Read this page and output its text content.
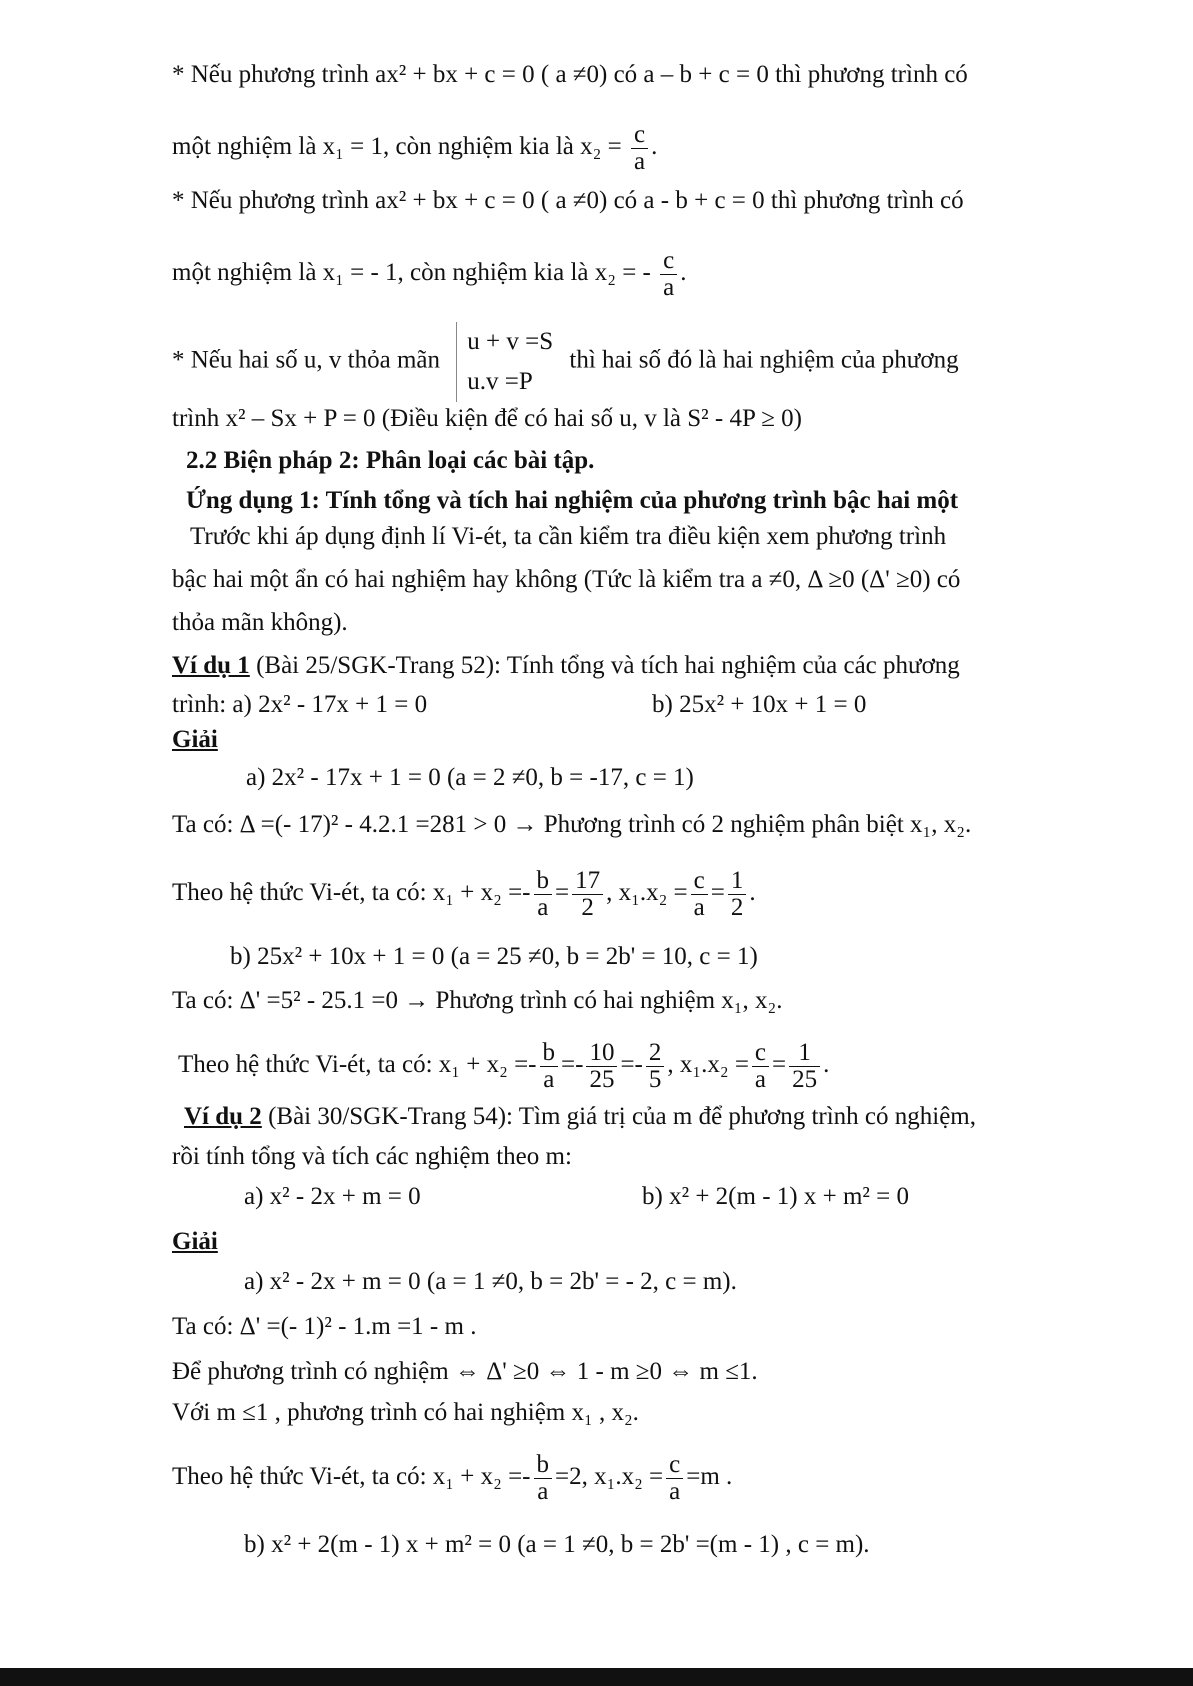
* Nếu phương trình ax² + bx + c = 0 ( a ≠0) có a – b + c = 0 thì phương trình có
một nghiệm là x₁ = 1, còn nghiệm kia là $x_2 = \frac{c}{a}$ .
* Nếu phương trình ax² + bx + c = 0 ( a ≠0) có a - b + c = 0 thì phương trình có
một nghiệm là x₁ = - 1, còn nghiệm kia là x₂ = - $\frac{c}{a}$ .
* Nếu hai số u, v thỏa mãn
u + v =S
u.v =P
thì hai số đó là hai nghiệm của phương
trình x² – Sx + P = 0 (Điều kiện để có hai số u, v là S² - 4P ≥ 0)
2.2 Biện pháp 2: Phân loại các bài tập.
Ứng dụng 1: Tính tổng và tích hai nghiệm của phương trình bậc hai một
Trước khi áp dụng định lí Vi-ét, ta cần kiểm tra điều kiện xem phương trình
bậc hai một ẩn có hai nghiệm hay không (Tức là kiểm tra a ≠0, Δ ≥0 (Δ' ≥0) có
thỏa mãn không).
Ví dụ 1 (Bài 25/SGK-Trang 52): Tính tổng và tích hai nghiệm của các phương
trình: a) 2x² - 17x + 1 = 0	b) 25x² + 10x + 1 = 0
Giải
a) 2x² - 17x + 1 = 0 (a = 2 ≠0, b = -17, c = 1)
Ta có: Δ =(- 17)² - 4.2.1 =281 > 0 → Phương trình có 2 nghiệm phân biệt x₁, x₂.
Theo hệ thức Vi-ét, ta có: $x_1 + x_2 =- \frac{b}{a} = \frac{17}{2}$ , $x_1.x_2 = \frac{c}{a} = \frac{1}{2}$ .
b) 25x² + 10x + 1 = 0 (a = 25 ≠0, b = 2b' = 10, c = 1)
Ta có: Δ' =5² - 25.1 =0 → Phương trình có hai nghiệm x₁, x₂.
Theo hệ thức Vi-ét, ta có: $x_1 + x_2 =- \frac{b}{a} =- \frac{10}{25} =- \frac{2}{5}$ , $x_1.x_2 = \frac{c}{a} = \frac{1}{25}$ .
Ví dụ 2 (Bài 30/SGK-Trang 54): Tìm giá trị của m để phương trình có nghiệm,
rồi tính tổng và tích các nghiệm theo m:
a) x² - 2x + m = 0	b) x² + 2(m - 1) x + m² = 0
Giải
a) x² - 2x + m = 0 (a = 1 ≠0, b = 2b' = - 2, c = m).
Ta có: Δ' =(- 1)² - 1.m =1 - m .
Để phương trình có nghiệm ⇔ Δ' ≥0 ⇔ 1 - m ≥0 ⇔ m ≤1.
Với m ≤1 , phương trình có hai nghiệm x₁ , x₂.
Theo hệ thức Vi-ét, ta có: $x_1 + x_2 =- \frac{b}{a} =2$, $x_1.x_2 = \frac{c}{a} =m$ .
b) x² + 2(m - 1) x + m² = 0 (a = 1 ≠0, b = 2b' =(m - 1) , c = m).
